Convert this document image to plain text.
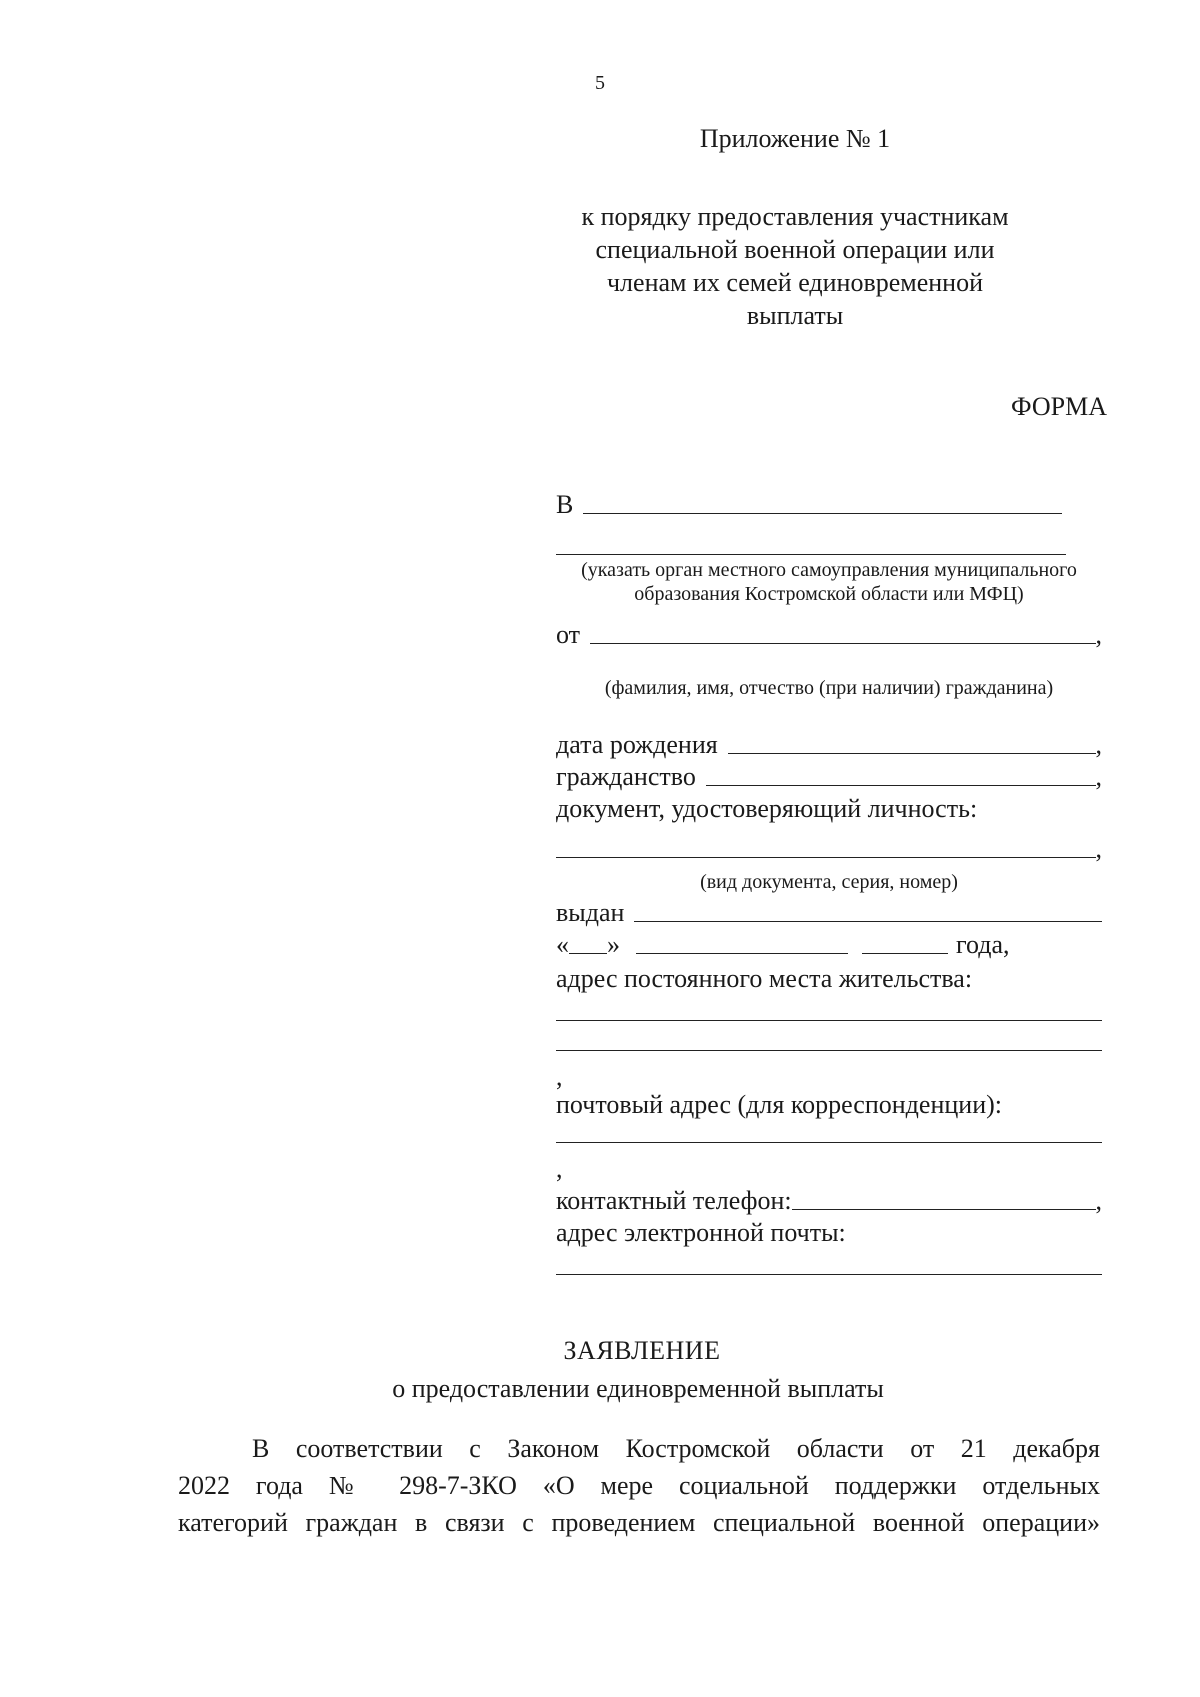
5
Приложение № 1
к порядку предоставления участникам
специальной военной операции или
членам их семей единовременной
выплаты
ФОРМА
В
(указать орган местного самоуправления муниципального образования Костромской области или МФЦ)
от	,
(фамилия, имя, отчество (при наличии) гражданина)
дата рождения	,
гражданство	,
документ, удостоверяющий личность:
,
(вид документа, серия, номер)
выдан
« »	года,
адрес постоянного места жительства:
,
почтовый адрес (для корреспонденции):
,
контактный телефон:	,
адрес электронной почты:
ЗАЯВЛЕНИЕ
о предоставлении единовременной выплаты
В соответствии с Законом Костромской области от 21 декабря
2022 года № 298-7-ЗКО «О мере социальной поддержки отдельных
категорий граждан в связи с проведением специальной военной операции»
